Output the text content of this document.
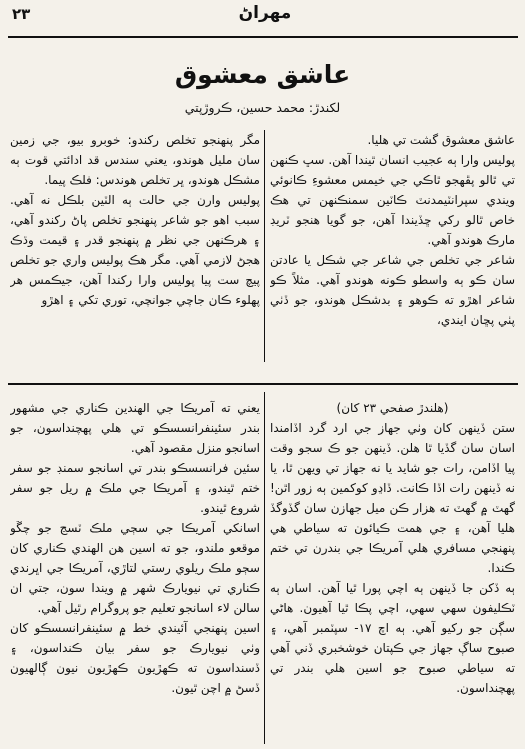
٢٣	مهراڻ
عاشق معشوق
لکندڙ: محمد حسين، ڪروڙپتي

عاشق معشوق گشت تي هليا.

پوليس وارا ٻه عجيب انسان ٿيندا آهن. سڀ ڪنهن تي ٿالو پڦهجو ٿاڪي جي خيمس معشوءِ ڪانوئي ويندي سپرانٽيمدنٽ ڪاٽين سمنڪنهن تي هڪ خاص ٿالو رکي ڇڏيندا آهن، جو گويا هنجو ٽريڊ مارڪ هوندو آهي.

شاعر جي تخلص جي شاعر جي شڪل يا عادتن سان ڪو ٻه واسطو ڪونه هوندو آهي. مثلاً ڪو شاعر اهڙو ته ڪوهو ۽ بدشڪل هوندو، جو ڏٺي پٺي پڇان ايندي،

مگر پنهنجو تخلص رکندو: خوبرو بيو، جي زمين سان مليل هوندو، يعني سندس قد ادائتي قوت ٻه مشڪل هوندو، ڀر تخلص هوندس: فلڪ پيما.

پوليس وارن جي حالت ٻه الٽين بلڪل نه آهي. سبب اهو جو شاعر پنهنجو تخلص پاڻ رکندو آهي، ۽ هرڪنهن جي نظر ۾ پنهنجو قدر ۽ قيمت وڌڪ هجڻ لازمي آهي. مگر هڪ پوليس واري جو تخلص پيچ ست پيا پوليس وارا رکندا آهن، جيڪمس هر پهلوء ڪان جاچي جوانچي، توري تکي ۽ اهڙو

(هلندڙ صفحي ٢٣ کان)

ستن ڏينهن کان وٺي جهاز جي ارد گرد اڏامندا اسان سان گڏيا ٿا هلن. ڏينهن جو ڪ سجو وقت پيا اڏامن، رات جو شايد يا نه جهاز تي ويهن ٿا، يا نه ڏينهن رات اڏا ڪانت. ڏاڍو کوکمين ٻه زور اٿن! گهٽ ۾ گهٽ ته هزار ڪن ميل جهازن سان گڏوگڏ هليا آهن، ۽ جي همت ڪيائون ته سياطي هي پنهنجي مسافري هلي آمريڪا جي بندرن تي ختم ڪندا.

ٻه ڏکن جا ڏينهن ٻه اچي پورا ٿيا آهن. اسان ٻه ٽڪليفون سهي سهي، اچي پڪا ٿيا آهيون. هاڻي سڳن جو رکيو آهي. ٻه اچ ١٧- سپٽمبر آهي، ۽ صبوح ساڳ جهاز جي ڪپتان خوشخبري ڏني آهي ته سياطي صبوح جو اسين هلي بندر تي پهچنداسون.

يعني ته آمريڪا جي الهندين ڪناري جي مشهور بندر سئينفرانسسڪو تي هلي پهچنداسون، جو اسانجو منزل مقصود آهي.

سئين فرانسسڪو بندر تي اسانجو سمنڊ جو سفر ختم ٿيندو، ۽ آمريڪا جي ملڪ ۾ ريل جو سفر شروع ٿيندو.

اسانکي آمريڪا جي سڄي ملڪ ٽسڃ جو چڱو موقعو ملندو، جو ته اسين هن الهندي ڪناري کان سڄو ملڪ ريلوي رستي لتاڙي، آمريڪا جي اڀرندي ڪناري تي نيويارڪ شهر ۾ ويندا سون، جتي ان سالن لاء اسانجو تعليم جو پروگرام رٿيل آهي.

اسين پنهنجي آئيندي خط ۾ سئينفرانسسڪو کان وٺي نيويارڪ جو سفر بيان ڪنداسون، ۽ ڏسنداسون ته ڪهڙيون ڪهڙيون نيون ڳالهيون ڏسڻ ۾ اچن ٿيون.
